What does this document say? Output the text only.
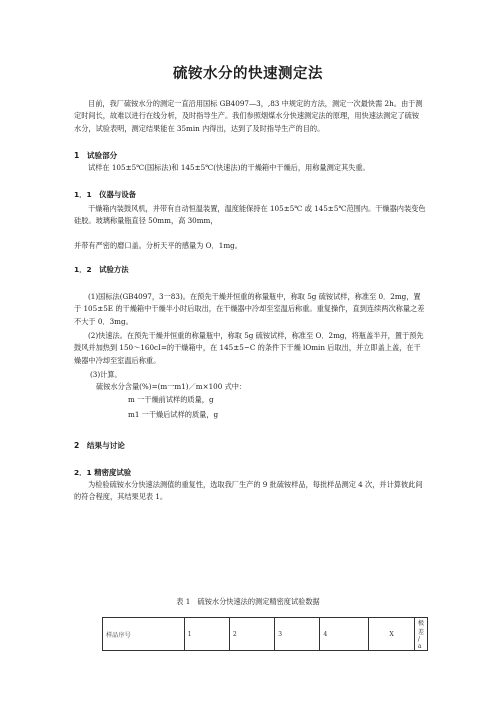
硫铵水分的快速测定法

目前，我厂硫铵水分的测定一直沿用国标 GB4097—3，,83 中规定的方法，测定一次最快需 2h。由于测定时间长，故难以进行在线分析，及时指导生产。我们参照烟煤水分快速测定法的原理，用快速法测定了硫铵水分，试验表明，测定结果能在 35min 内得出，达到了及时指导生产的目的。

1　试验部分

试样在 105±5℃(国标法)和 145±5℃(快速法)的干燥箱中干燥后，用称量测定其失重。

1．1　仪器与设备

干燥箱内装鼓风机，并带有自动恒温装置，温度能保持在 105±5℃ 或 145±5℃范围内。干燥器内装变色硅胶。玻璃称量瓶直径 50mm，高 30mm，

并带有严密的磨口盖。分析天平的感量为 O．1mg。
1．2　试验方法

(1)国标法(GB4097，3一83)。在预先干燥并恒重的称量瓶中，称取 5g 硫铵试样，称准至 0．2mg，置于 105±5E 的干燥箱中干燥半小时后取出，在干燥器中冷却至室温后称重。重复操作，直到连续两次称量之差不大于 0．3mg。

(2)快速法。在预先干燥并恒重的称量瓶中，称取 5g 硫铵试样，称准至 O．2mg，将瓶盖半开，置于预先鼓风并加热到 150～160cI=的干燥箱中，在 145±5~C 的条件下干燥 lOmin 后取出，并立即盖上盖，在干燥器中冷却至室温后称重。

(3)计算。
硫铵水分含量(%)=(m一m1)／m×100 式中：
m 一干燥前试样的质量，g
m1 一干燥后试样的质量，g
2　结果与讨论
2．1 精密度试验

为检验硫铵水分快速法测值的重复性，选取我厂生产的 9 批硫铵样品，每批样品测定 4 次，并计算彼此间的符合程度，其结果见表 1。

表 1　硫铵水分快速法的测定精密度试验数据
样品序号	1	2	3	4	X	极差 / a
